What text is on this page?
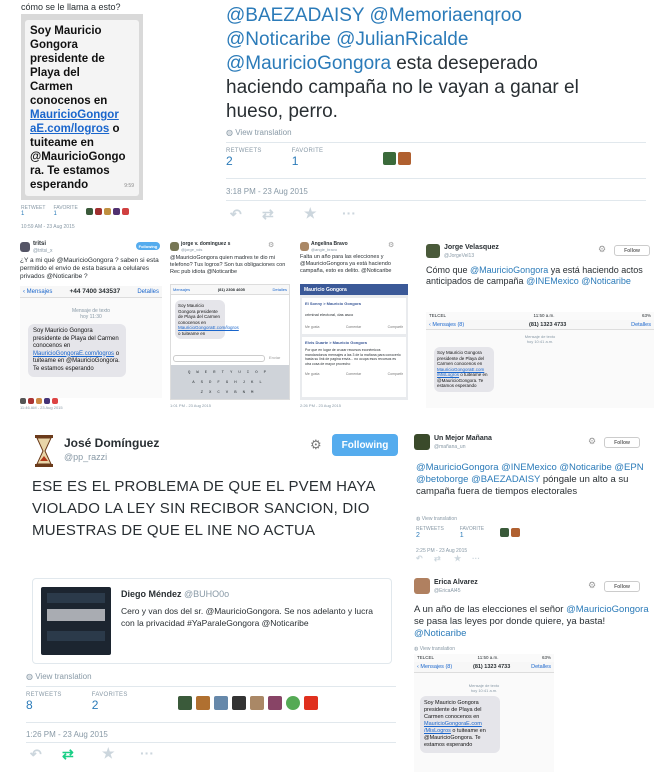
cómo se le llama a esto?
Soy Mauricio
Gongora
presidente de
Playa del
Carmen
conocenos en
MauricioGongor
aE.com/logros o
tuiteame en
@MauricioGongo
ra. Te estamos
esperando	9:59
RETWEET
1
FAVORITE
1
10:59 AM - 23 Aug 2015
@BAEZADAISY @Memoriaenqroo
@Noticaribe @JulianRicalde
@MauricioGongora esta deseperado
haciendo campaña no le vayan a ganar el
hueso, perro.
◍ View translation
RETWEETS
2
FAVORITE
1
3:18 PM - 23 Aug 2015
↶ ⇄ ★ ···
tritsi
@tritsi_x
Following
¿Y a mi qué @MauricioGongora ? saben si esta permitido el envio de esta basura a celulares privados @Noticaribe ?
‹ Mensajes	+44 7400 343537	Detalles
Mensaje de texto
hoy 11:30
Soy Mauricio Gongora presidente de Playa del Carmen conocenos en MauricioGongoraE.com/logros o tuiteame en @MauricioGongora. Te estamos esperando
11:46 AM - 23 Aug 2015
jorge v. dominguez s
@jorge_vds
⚙
@MauricioGongora quien madres te dio mi telefono? Tus logros? Son tus obligaciones con Rec pub idiota @Noticaribe
Mensajes	(81) 2308 4605	Detalles
Soy Mauricio Gongora presidente de Playa del Carmen conocenos en MauricioGongoraE.com/logros o tuiteame en
Enviar
QWERTYUIOP
ASDFGHJKL
ZXCVBNM
1:01 PM - 23 Aug 2015
Angelina Bravo
@angie_bravo
⚙
Falta un año para las elecciones y @MauricioGongora ya está haciendo campaña, esto es delito. @Noticaribe
Mauricio Gongora
El Sonny > Mauricio Gongora
criminal electoral, das asco
Me gusta	Comentar	Compartir
Elvis Duarte > Mauricio Gongora
Por que en lugar de cruzar recursos econémicos mandandonos mensajes a las 3 de la mañana para conocerlo hasta su link de pagina envía... no ocupa esos recursos es otra cosa de mayor provecho
Me gusta	Comentar	Compartir
2:26 PM - 23 Aug 2015
Jorge Velasquez
@JorgeVel13
⚙	Follow
Cómo que @MauricioGongora ya está haciendo actos anticipados de campaña @INEMexico @Noticaribe
TELCEL	11:50 a.m.	63%
‹ Mensajes (8)	(81) 1323 4733	Detalles
Mensaje de texto
hoy 10:41 a.m.
Soy Mauricio Gongora presidente de Playa del Carmen conocenos en MauricioGongoraE.com /MisLogros o tuiteame en @MauricioGongora. Te estamos esperando
José Domínguez
@pp_razzi
⚙	Following
ESE ES EL PROBLEMA DE QUE EL PVEM HAYA VIOLADO LA LEY SIN RECIBOR SANCION, DIO MUESTRAS DE QUE EL INE NO ACTUA
Diego Méndez @BUHO0o
Cero y van dos del sr. @MauricioGongora. Se nos adelanto y lucra con la privacidad #YaParaleGongora @Noticaribe
◍ View translation
RETWEETS
8
FAVORITES
2
1:26 PM - 23 Aug 2015
↶ ⇄ ★ ···
Un Mejor Mañana
@mañana_un
⚙	Follow
@MauricioGongora @INEMexico @Noticaribe @EPN @betoborge @BAEZADAISY póngale un alto a su campaña fuera de tiempos electorales
◍ View translation
RETWEETS
2
FAVORITE
1
2:25 PM - 23 Aug 2015
↶ ⇄ ★ ···
Erica Alvarez
@EricaAl45
⚙	Follow
A un año de las elecciones el señor @MauricioGongora se pasa las leyes por donde quiere, ya basta! @Noticaribe
◍ View translation
TELCEL	11:50 a.m.	63%
‹ Mensajes (8)	(81) 1323 4733	Detalles
Mensaje de texto
hoy 10:41 a.m.
Soy Mauricio Gongora presidente de Playa del Carmen conocenos en MauricioGongoraE.com /MisLogros o tuiteame en @MauricioGongora. Te estamos esperando
